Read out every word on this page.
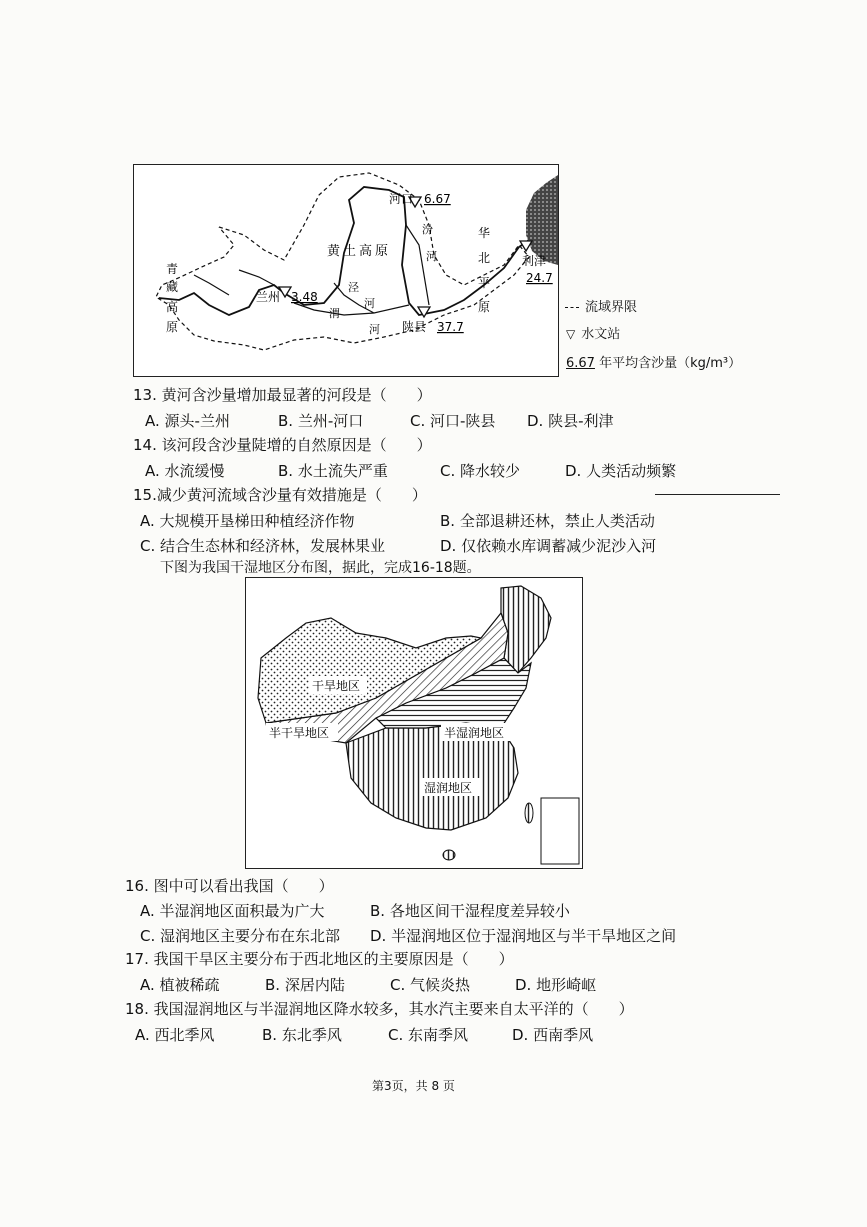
河口 6.67
兰州 3.48
陕县 37.7
利津
24.7
黄土高原
华
北
平
原
青
藏
高
原
汾
河
泾
河
渭
河
流域界限
▽ 水文站
6.67 年平均含沙量（kg/m³）
13. 黄河含沙量增加最显著的河段是（　　）
A. 源头-兰州	B. 兰州-河口	C. 河口-陕县 D. 陕县-利津
14. 该河段含沙量陡增的自然原因是（　　）
A. 水流缓慢	B. 水土流失严重	C. 降水较少	D. 人类活动频繁
15.减少黄河流域含沙量有效措施是（　　）
A. 大规模开垦梯田种植经济作物	B. 全部退耕还林，禁止人类活动
C. 结合生态林和经济林，发展林果业	D. 仅依赖水库调蓄减少泥沙入河
下图为我国干湿地区分布图，据此，完成16-18题。
干旱地区
半干旱地区	半湿润地区
湿润地区
16. 图中可以看出我国（　　）
A. 半湿润地区面积最为广大	B. 各地区间干湿程度差异较小
C. 湿润地区主要分布在东北部 D. 半湿润地区位于湿润地区与半干旱地区之间
17. 我国干旱区主要分布于西北地区的主要原因是（　　）
A. 植被稀疏	B. 深居内陆	C. 气候炎热	D. 地形崎岖
18. 我国湿润地区与半湿润地区降水较多，其水汽主要来自太平洋的（　　）
A. 西北季风	B. 东北季风	C. 东南季风	D. 西南季风
第3页，共 8 页
